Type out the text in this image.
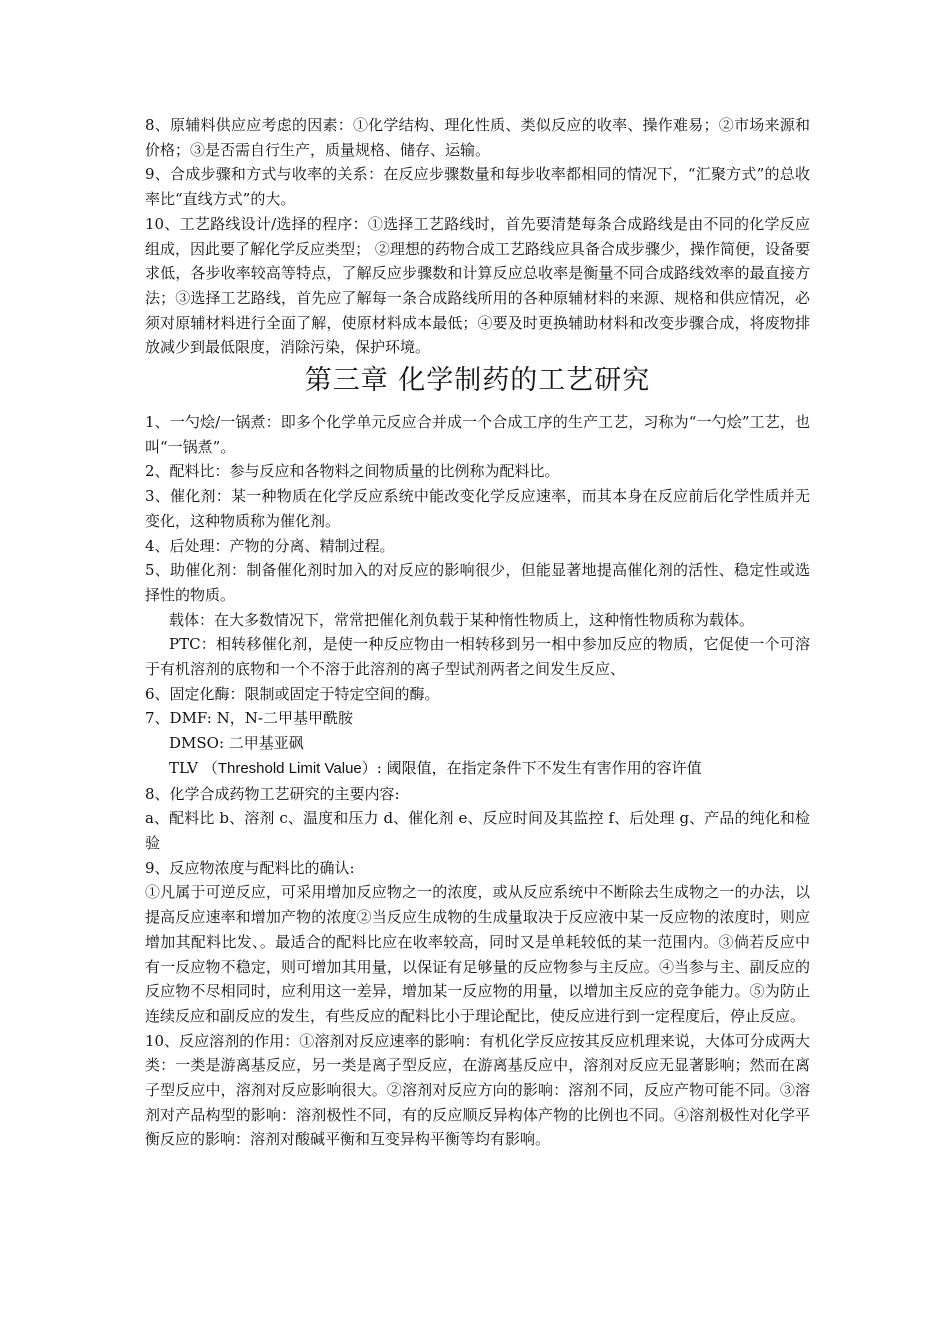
8、原辅料供应应考虑的因素：①化学结构、理化性质、类似反应的收率、操作难易；②市场来源和价格；③是否需自行生产，质量规格、储存、运输。

9、合成步骤和方式与收率的关系：在反应步骤数量和每步收率都相同的情况下，“汇聚方式”的总收率比“直线方式”的大。

10、工艺路线设计/选择的程序：①选择工艺路线时，首先要清楚每条合成路线是由不同的化学反应组成，因此要了解化学反应类型； ②理想的药物合成工艺路线应具备合成步骤少，操作简便，设备要求低，各步收率较高等特点，了解反应步骤数和计算反应总收率是衡量不同合成路线效率的最直接方法；③选择工艺路线，首先应了解每一条合成路线所用的各种原辅材料的来源、规格和供应情况，必须对原辅材料进行全面了解，使原材料成本最低；④要及时更换辅助材料和改变步骤合成，将废物排放减少到最低限度，消除污染，保护环境。

第三章 化学制药的工艺研究

1、一勺烩/一锅煮：即多个化学单元反应合并成一个合成工序的生产工艺，习称为“一勺烩”工艺，也叫“一锅煮”。

2、配料比：参与反应和各物料之间物质量的比例称为配料比。

3、催化剂：某一种物质在化学反应系统中能改变化学反应速率，而其本身在反应前后化学性质并无变化，这种物质称为催化剂。

4、后处理：产物的分离、精制过程。

5、助催化剂：制备催化剂时加入的对反应的影响很少，但能显著地提高催化剂的活性、稳定性或选择性的物质。

载体：在大多数情况下，常常把催化剂负载于某种惰性物质上，这种惰性物质称为载体。

PTC：相转移催化剂，是使一种反应物由一相转移到另一相中参加反应的物质，它促使一个可溶于有机溶剂的底物和一个不溶于此溶剂的离子型试剂两者之间发生反应、

6、固定化酶：限制或固定于特定空间的酶。

7、DMF: N，N-二甲基甲酰胺

DMSO: 二甲基亚砜

TLV （Threshold Limit Value）: 阈限值，在指定条件下不发生有害作用的容许值

8、化学合成药物工艺研究的主要内容:

a、配料比 b、溶剂 c、温度和压力 d、催化剂 e、反应时间及其监控 f、后处理 g、产品的纯化和检验

9、反应物浓度与配料比的确认:

①凡属于可逆反应，可采用增加反应物之一的浓度，或从反应系统中不断除去生成物之一的办法，以提高反应速率和增加产物的浓度②当反应生成物的生成量取决于反应液中某一反应物的浓度时，则应增加其配料比发、。最适合的配料比应在收率较高，同时又是单耗较低的某一范围内。③倘若反应中有一反应物不稳定，则可增加其用量，以保证有足够量的反应物参与主反应。④当参与主、副反应的反应物不尽相同时，应利用这一差异，增加某一反应物的用量，以增加主反应的竞争能力。⑤为防止连续反应和副反应的发生，有些反应的配料比小于理论配比，使反应进行到一定程度后，停止反应。

10、反应溶剂的作用：①溶剂对反应速率的影响：有机化学反应按其反应机理来说，大体可分成两大类：一类是游离基反应，另一类是离子型反应，在游离基反应中，溶剂对反应无显著影响；然而在离子型反应中，溶剂对反应影响很大。②溶剂对反应方向的影响：溶剂不同，反应产物可能不同。③溶剂对产品构型的影响：溶剂极性不同，有的反应顺反异构体产物的比例也不同。④溶剂极性对化学平衡反应的影响：溶剂对酸碱平衡和互变异构平衡等均有影响。
